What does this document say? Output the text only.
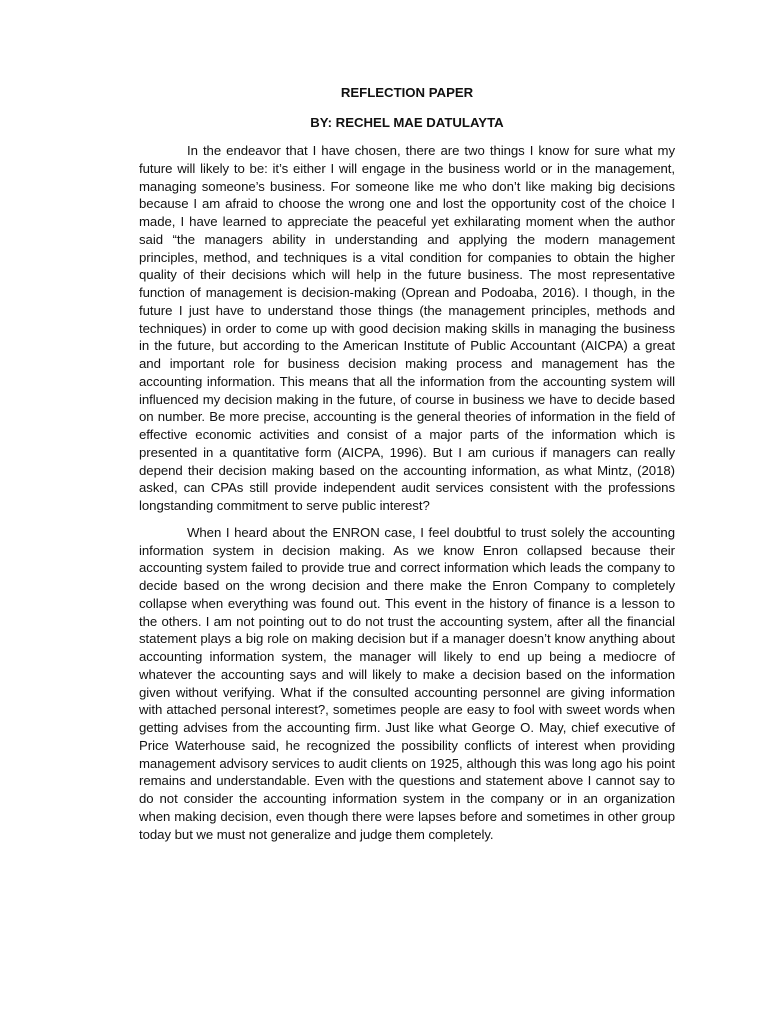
REFLECTION PAPER

BY: RECHEL MAE DATULAYTA

In the endeavor that I have chosen, there are two things I know for sure what my future will likely to be: it’s either I will engage in the business world or in the management, managing someone’s business. For someone like me who don’t like making big decisions because I am afraid to choose the wrong one and lost the opportunity cost of the choice I made, I have learned to appreciate the peaceful yet exhilarating moment when the author said “the managers ability in understanding and applying the modern management principles, method, and techniques is a vital condition for companies to obtain the higher quality of their decisions which will help in the future business. The most representative function of management is decision-making (Oprean and Podoaba, 2016). I though, in the future I just have to understand those things (the management principles, methods and techniques) in order to come up with good decision making skills in managing the business in the future, but according to the American Institute of Public Accountant (AICPA) a great and important role for business decision making process and management has the accounting information. This means that all the information from the accounting system will influenced my decision making in the future, of course in business we have to decide based on number. Be more precise, accounting is the general theories of information in the field of effective economic activities and consist of a major parts of the information which is presented in a quantitative form (AICPA, 1996). But I am curious if managers can really depend their decision making based on the accounting information, as what Mintz, (2018) asked, can CPAs still provide independent audit services consistent with the professions longstanding commitment to serve public interest?

When I heard about the ENRON case, I feel doubtful to trust solely the accounting information system in decision making. As we know Enron collapsed because their accounting system failed to provide true and correct information which leads the company to decide based on the wrong decision and there make the Enron Company to completely collapse when everything was found out. This event in the history of finance is a lesson to the others. I am not pointing out to do not trust the accounting system, after all the financial statement plays a big role on making decision but if a manager doesn’t know anything about accounting information system, the manager will likely to end up being a mediocre of whatever the accounting says and will likely to make a decision based on the information given without verifying. What if the consulted accounting personnel are giving information with attached personal interest?, sometimes people are easy to fool with sweet words when getting advises from the accounting firm. Just like what George O. May, chief executive of Price Waterhouse said, he recognized the possibility conflicts of interest when providing management advisory services to audit clients on 1925, although this was long ago his point remains and understandable. Even with the questions and statement above I cannot say to do not consider the accounting information system in the company or in an organization when making decision, even though there were lapses before and sometimes in other group today but we must not generalize and judge them completely.
